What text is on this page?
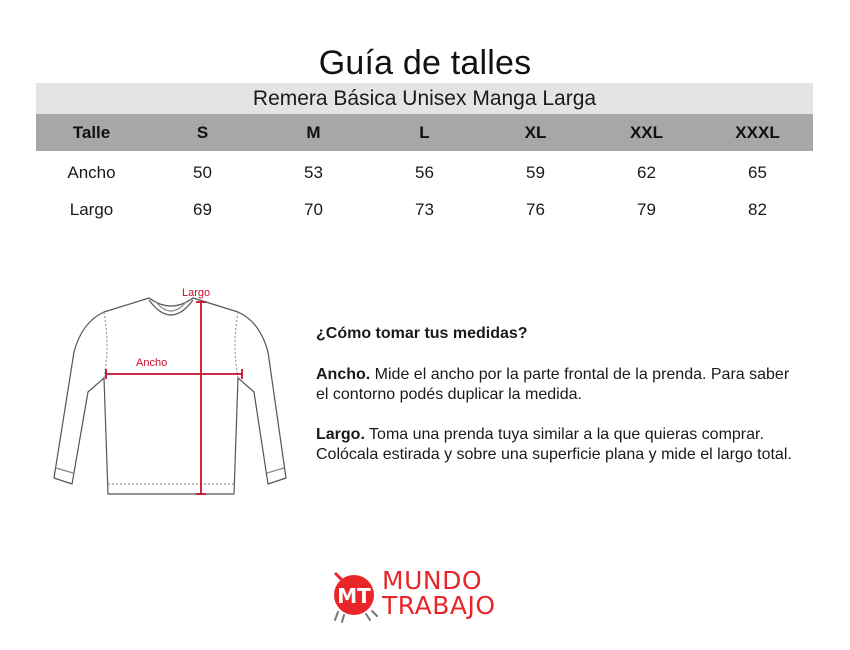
Guía de talles
Remera Básica Unisex Manga Larga
Talle	S	M	L	XL	XXL	XXXL
Ancho	50	53	56	59	62	65
Largo	69	70	73	76	79	82
Largo
Ancho
¿Cómo tomar tus medidas?

Ancho. Mide el ancho por la parte frontal de la prenda. Para saber el contorno podés duplicar la medida.

Largo. Toma una prenda tuya similar a la que quieras comprar. Colócala estirada y sobre una superficie plana y mide el largo total.

MT
MUNDO
TRABAJO
